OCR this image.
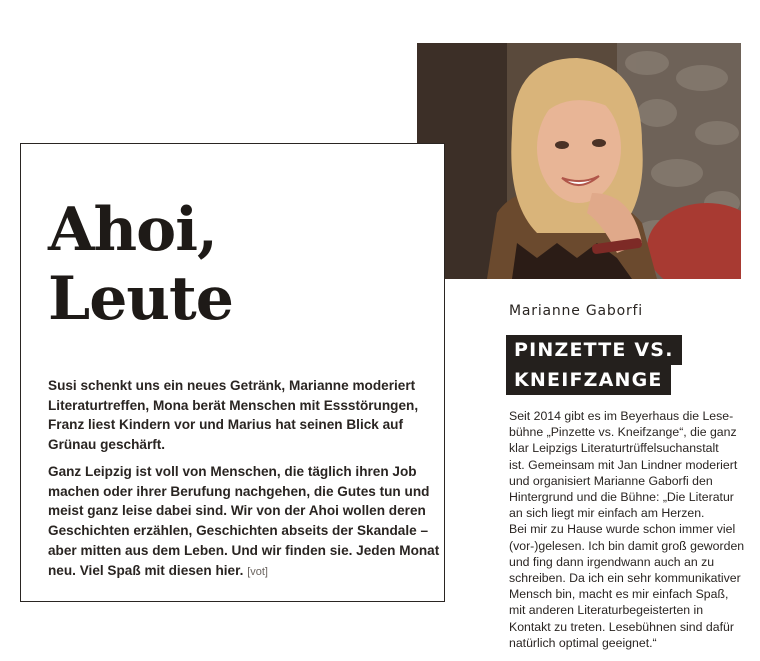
Ahoi,
Leute

Susi schenkt uns ein neues Getränk, Marianne moderiert Literaturtreffen, Mona berät Menschen mit Essstörungen, Franz liest Kindern vor und Marius hat seinen Blick auf Grünau geschärft.

Ganz Leipzig ist voll von Menschen, die täglich ihren Job machen oder ihrer Berufung nachgehen, die Gutes tun und meist ganz leise dabei sind. Wir von der Ahoi wollen deren Geschichten erzählen, Geschichten abseits der Skandale – aber mitten aus dem Leben. Und wir finden sie. Jeden Monat neu. Viel Spaß mit diesen hier. [vot]

Marianne Gaborfi

PINZETTE VS.
KNEIFZANGE

Seit 2014 gibt es im Beyerhaus die Lese-
bühne „Pinzette vs. Kneifzange“, die ganz
klar Leipzigs Literaturtrüffelsuchanstalt
ist. Gemeinsam mit Jan Lindner moderiert
und organisiert Marianne Gaborfi den
Hintergrund und die Bühne: „Die Literatur
an sich liegt mir einfach am Herzen.
Bei mir zu Hause wurde schon immer viel
(vor-)gelesen. Ich bin damit groß geworden
und fing dann irgendwann auch an zu
schreiben. Da ich ein sehr kommunikativer
Mensch bin, macht es mir einfach Spaß,
mit anderen Literaturbegeisterten in
Kontakt zu treten. Lesebühnen sind dafür
natürlich optimal geeignet.“
